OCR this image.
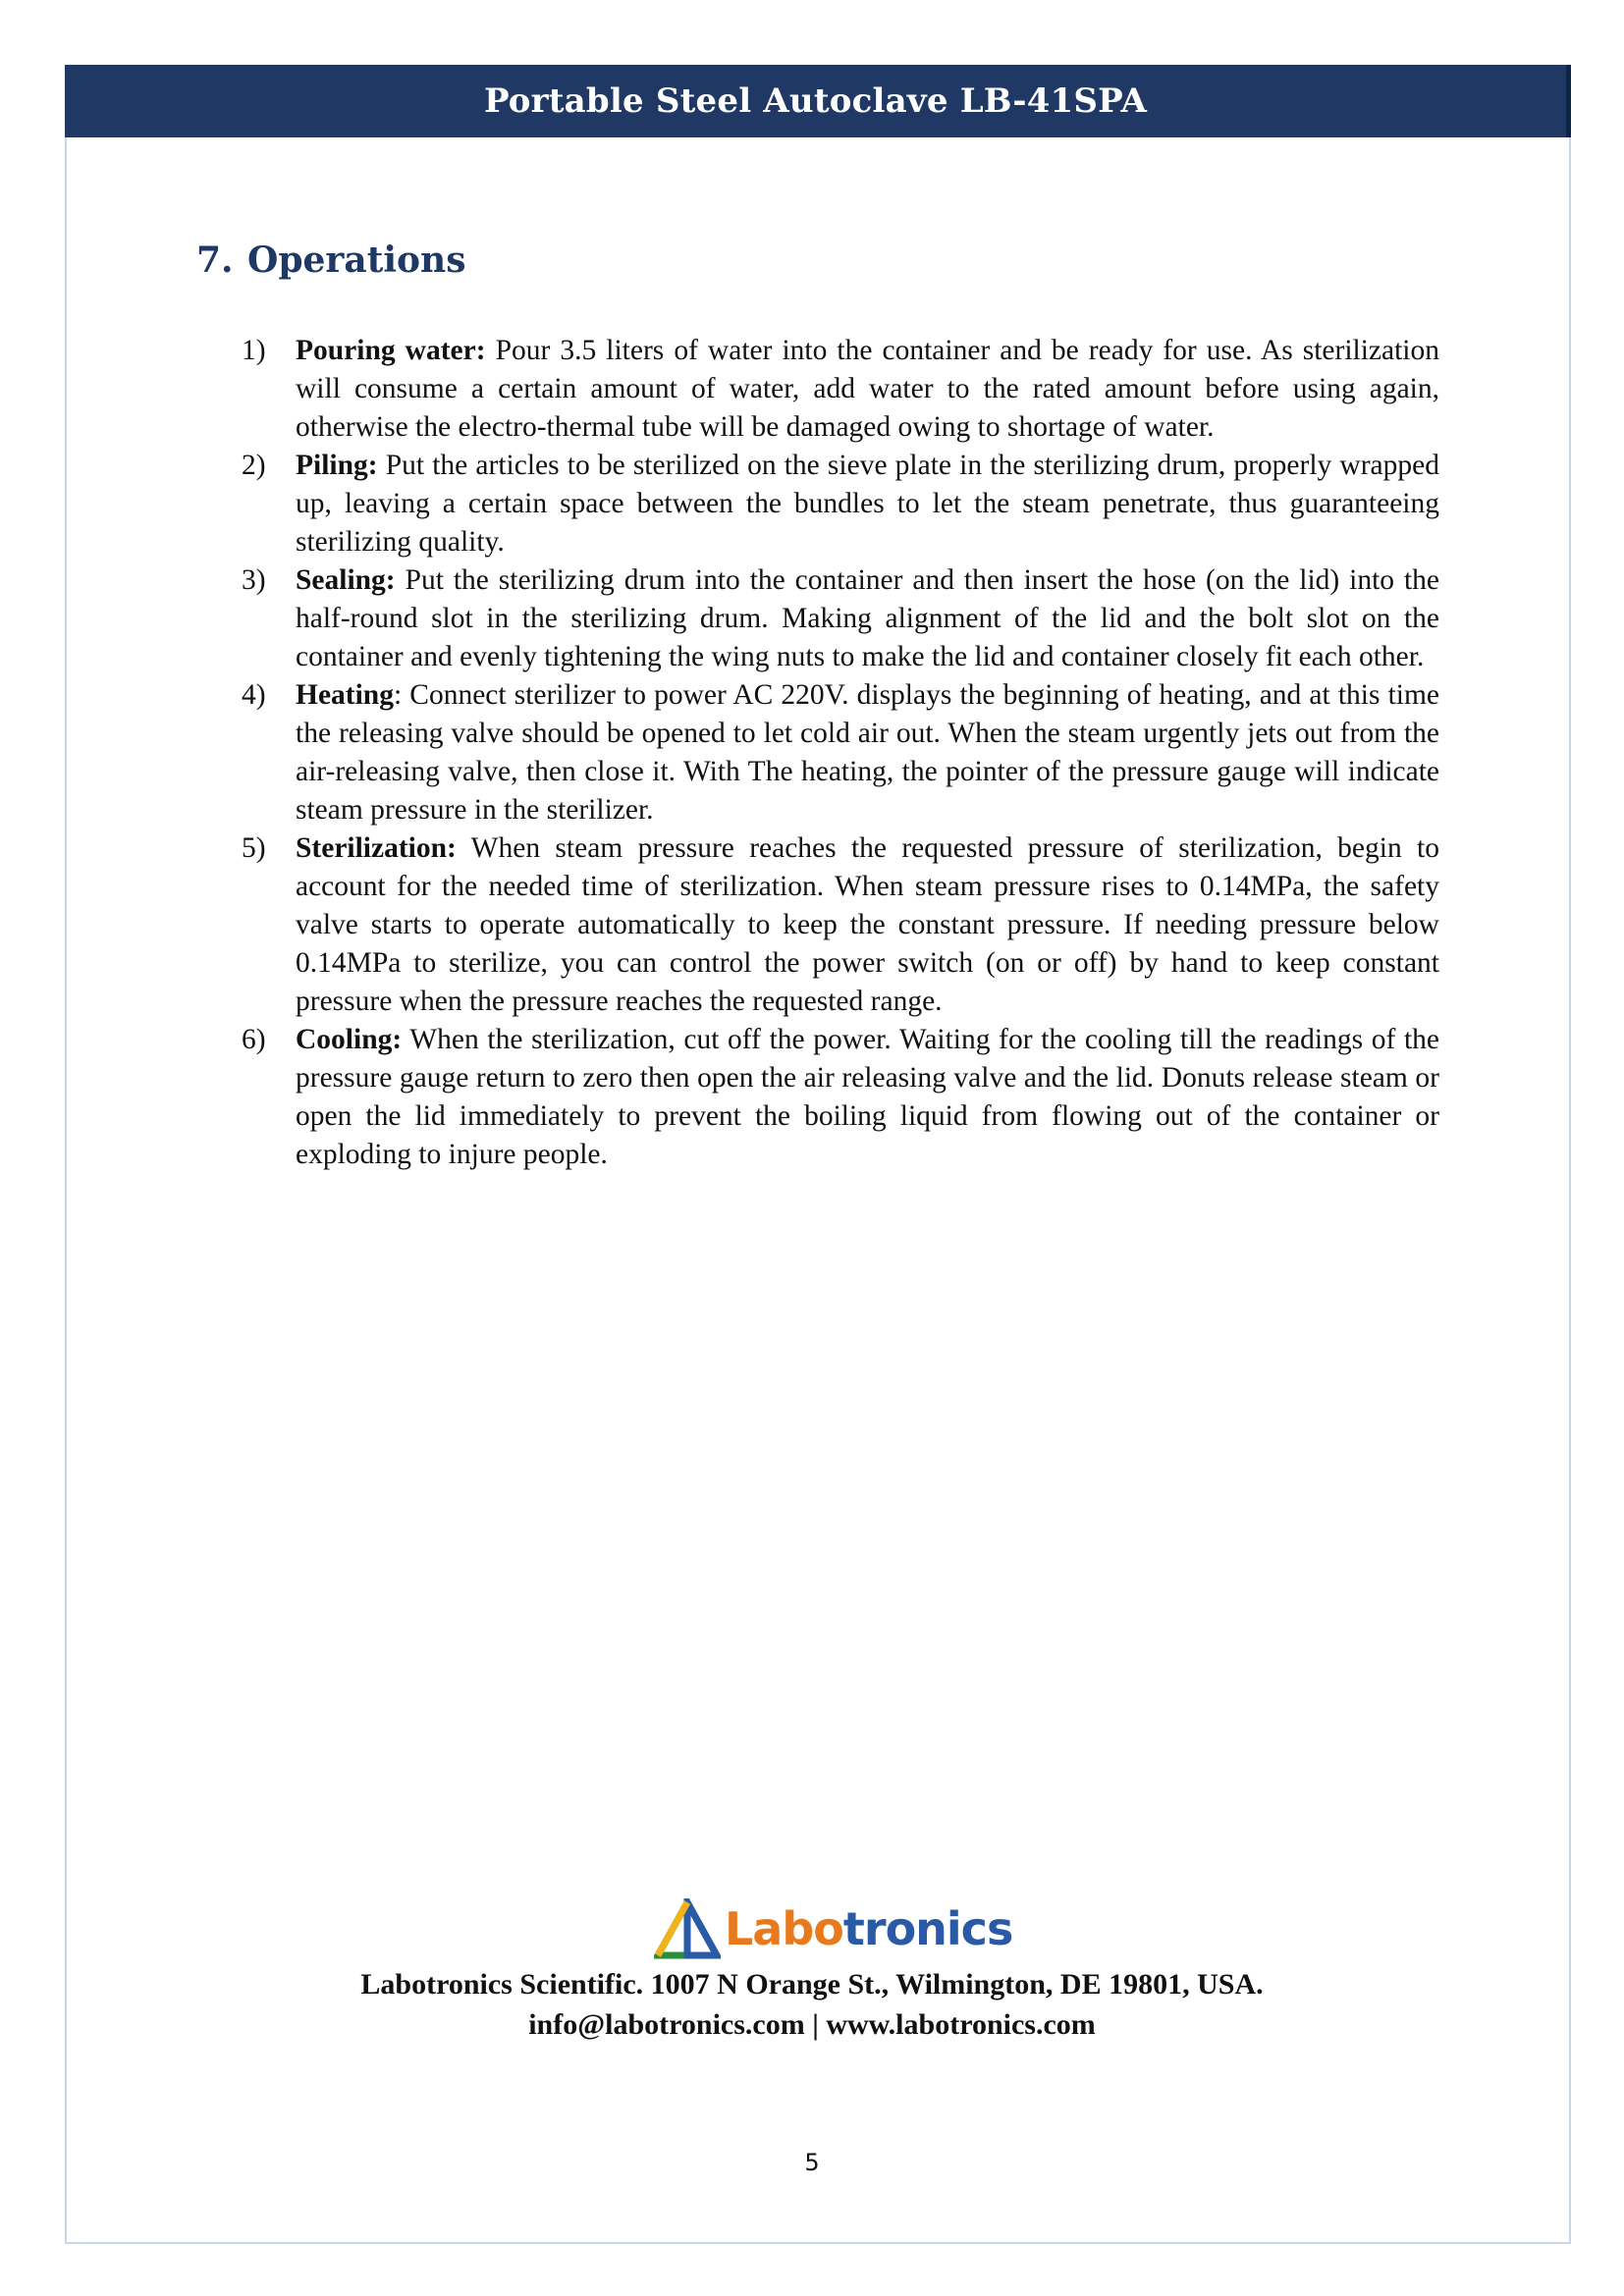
Portable Steel Autoclave LB-41SPA
7. Operations
1)	Pouring water: Pour 3.5 liters of water into the container and be ready for use. As sterilization will consume a certain amount of water, add water to the rated amount before using again, otherwise the electro-thermal tube will be damaged owing to shortage of water.
2)	Piling: Put the articles to be sterilized on the sieve plate in the sterilizing drum, properly wrapped up, leaving a certain space between the bundles to let the steam penetrate, thus guaranteeing sterilizing quality.
3)	Sealing: Put the sterilizing drum into the container and then insert the hose (on the lid) into the half-round slot in the sterilizing drum. Making alignment of the lid and the bolt slot on the container and evenly tightening the wing nuts to make the lid and container closely fit each other.
4)	Heating: Connect sterilizer to power AC 220V. displays the beginning of heating, and at this time the releasing valve should be opened to let cold air out. When the steam urgently jets out from the air-releasing valve, then close it. With The heating, the pointer of the pressure gauge will indicate steam pressure in the sterilizer.
5)	Sterilization: When steam pressure reaches the requested pressure of sterilization, begin to account for the needed time of sterilization. When steam pressure rises to 0.14MPa, the safety valve starts to operate automatically to keep the constant pressure. If needing pressure below 0.14MPa to sterilize, you can control the power switch (on or off) by hand to keep constant pressure when the pressure reaches the requested range.
6)	Cooling: When the sterilization, cut off the power. Waiting for the cooling till the readings of the pressure gauge return to zero then open the air releasing valve and the lid. Donuts release steam or open the lid immediately to prevent the boiling liquid from flowing out of the container or exploding to injure people.
Labotronics
Labotronics Scientific. 1007 N Orange St., Wilmington, DE 19801, USA.
info@labotronics.com | www.labotronics.com
5
